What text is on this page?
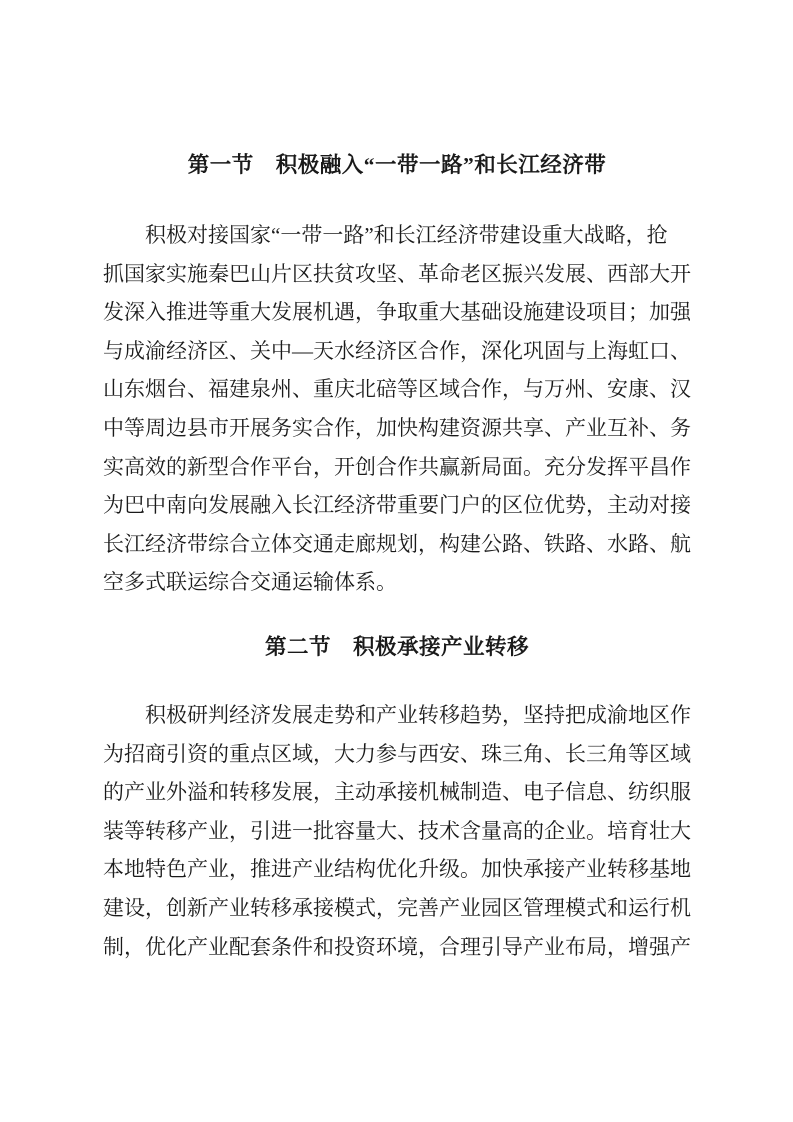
第一节　积极融入“一带一路”和长江经济带
积极对接国家“一带一路”和长江经济带建设重大战略，抢
抓国家实施秦巴山片区扶贫攻坚、革命老区振兴发展、西部大开
发深入推进等重大发展机遇，争取重大基础设施建设项目；加强
与成渝经济区、关中—天水经济区合作，深化巩固与上海虹口、
山东烟台、福建泉州、重庆北碚等区域合作，与万州、安康、汉
中等周边县市开展务实合作，加快构建资源共享、产业互补、务
实高效的新型合作平台，开创合作共赢新局面。充分发挥平昌作
为巴中南向发展融入长江经济带重要门户的区位优势，主动对接
长江经济带综合立体交通走廊规划，构建公路、铁路、水路、航
空多式联运综合交通运输体系。
第二节　积极承接产业转移
积极研判经济发展走势和产业转移趋势，坚持把成渝地区作
为招商引资的重点区域，大力参与西安、珠三角、长三角等区域
的产业外溢和转移发展，主动承接机械制造、电子信息、纺织服
装等转移产业，引进一批容量大、技术含量高的企业。培育壮大
本地特色产业，推进产业结构优化升级。加快承接产业转移基地
建设，创新产业转移承接模式，完善产业园区管理模式和运行机
制，优化产业配套条件和投资环境，合理引导产业布局，增强产
